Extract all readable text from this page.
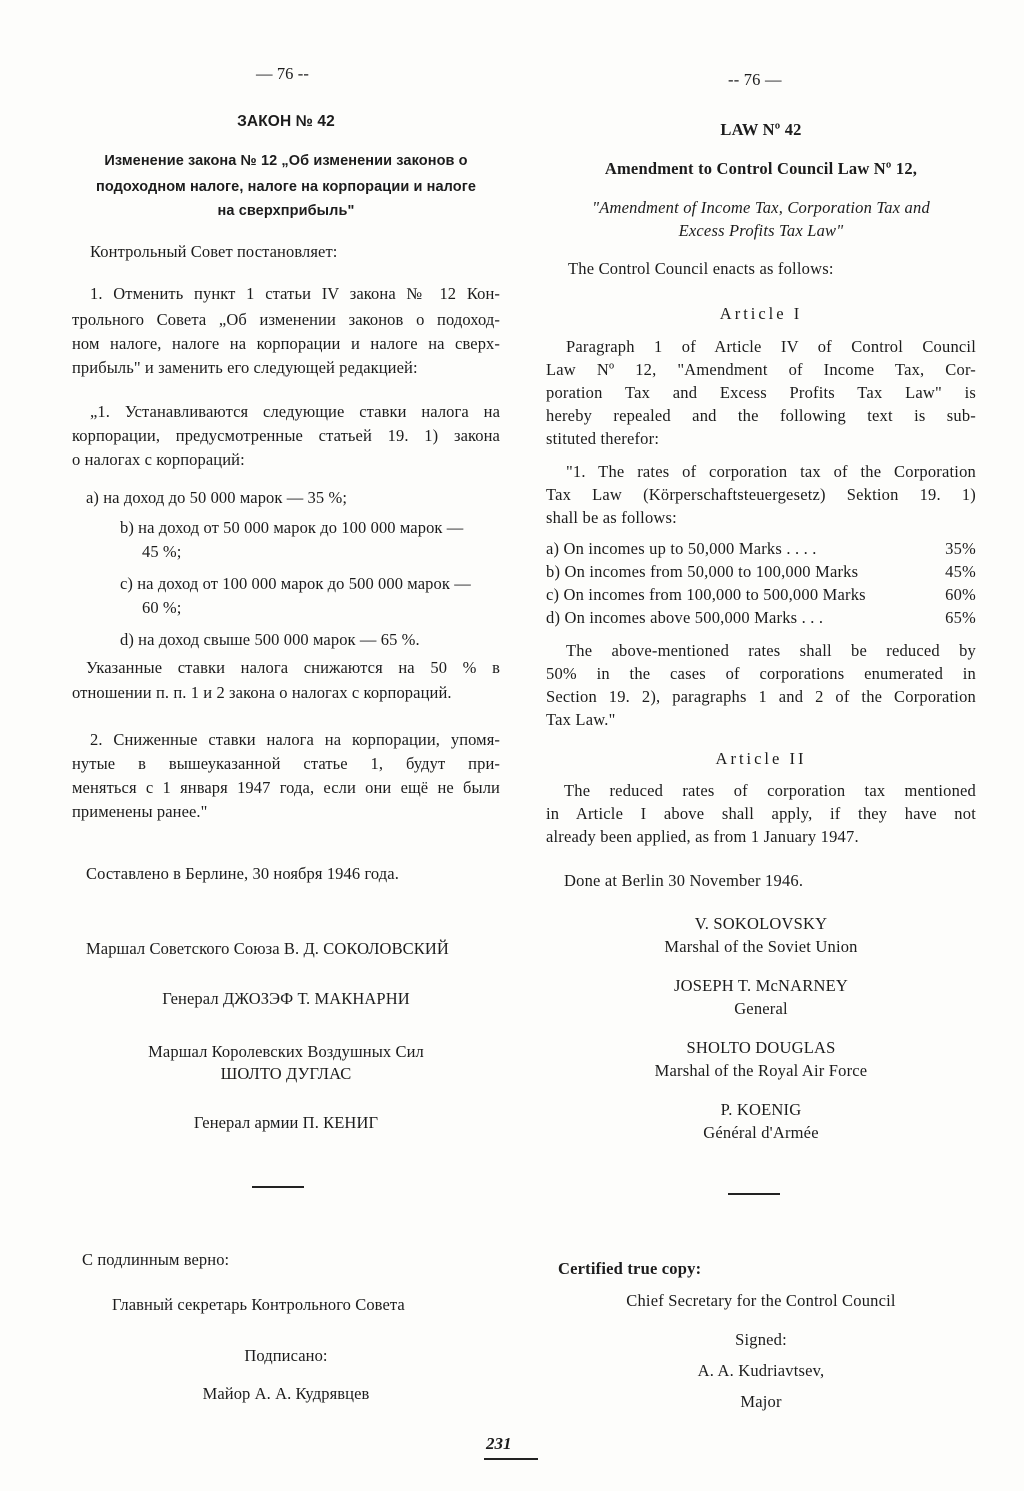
— 76 --

ЗАКОН № 42

Изменение закона № 12 „Об изменении законов о

подоходном налоге, налоге на корпорации и налоге

на сверхприбыль"

Контрольный Совет постановляет:

1. Отменить пункт 1 статьи IV закона № 12 Кон-

трольного Совета „Об изменении законов о подоход-

ном налоге, налоге на корпорации и налоге на сверх-

прибыль" и заменить его следующей редакцией:

„1. Устанавливаются следующие ставки налога на

корпорации, предусмотренные статьей 19. 1) закона

о налогах с корпораций:

a) на доход до 50 000 марок — 35 %;

b) на доход от 50 000 марок до 100 000 марок —

45 %;

c) на доход от 100 000 марок до 500 000 марок —

60 %;

d) на доход свыше 500 000 марок — 65 %.

Указанные ставки налога снижаются на 50 % в

отношении п. п. 1 и 2 закона о налогах с корпораций.

2. Сниженные ставки налога на корпорации, упомя-

нутые в вышеуказанной статье 1, будут при-

меняться с 1 января 1947 года, если они ещё не были

применены ранее."

Составлено в Берлине, 30 ноября 1946 года.

Маршал Советского Союза В. Д. СОКОЛОВСКИЙ

Генерал ДЖОЗЭФ Т. МАКНАРНИ

Маршал Королевских Воздушных Сил

ШОЛТО ДУГЛАС

Генерал армии П. КЕНИГ

С подлинным верно:

Главный секретарь Контрольного Совета

Подписано:

Майор А. А. Кудрявцев

-- 76 —

LAW Nº 42

Amendment to Control Council Law Nº 12,

"Amendment of Income Tax, Corporation Tax and

Excess Profits Tax Law"

The Control Council enacts as follows:

Article I

Paragraph 1 of Article IV of Control Council

Law Nº 12, "Amendment of Income Tax, Cor-

poration Tax and Excess Profits Tax Law" is

hereby repealed and the following text is sub-

stituted therefor:

"1. The rates of corporation tax of the Corporation

Tax Law (Körperschaftsteuergesetz) Sektion 19. 1)

shall be as follows:

a) On incomes up to 50,000 Marks . . . .	35%
b) On incomes from 50,000 to 100,000 Marks	45%
c) On incomes from 100,000 to 500,000 Marks	60%
d) On incomes above 500,000 Marks . . .	65%

The above-mentioned rates shall be reduced by

50% in the cases of corporations enumerated in

Section 19. 2), paragraphs 1 and 2 of the Corporation

Tax Law."

Article II

The reduced rates of corporation tax mentioned

in Article I above shall apply, if they have not

already been applied, as from 1 January 1947.

Done at Berlin 30 November 1946.

V. SOKOLOVSKY

Marshal of the Soviet Union

JOSEPH T. McNARNEY

General

SHOLTO DOUGLAS

Marshal of the Royal Air Force

P. KOENIG

Général d'Armée

Certified true copy:

Chief Secretary for the Control Council

Signed:

A. A. Kudriavtsev,

Major

231
